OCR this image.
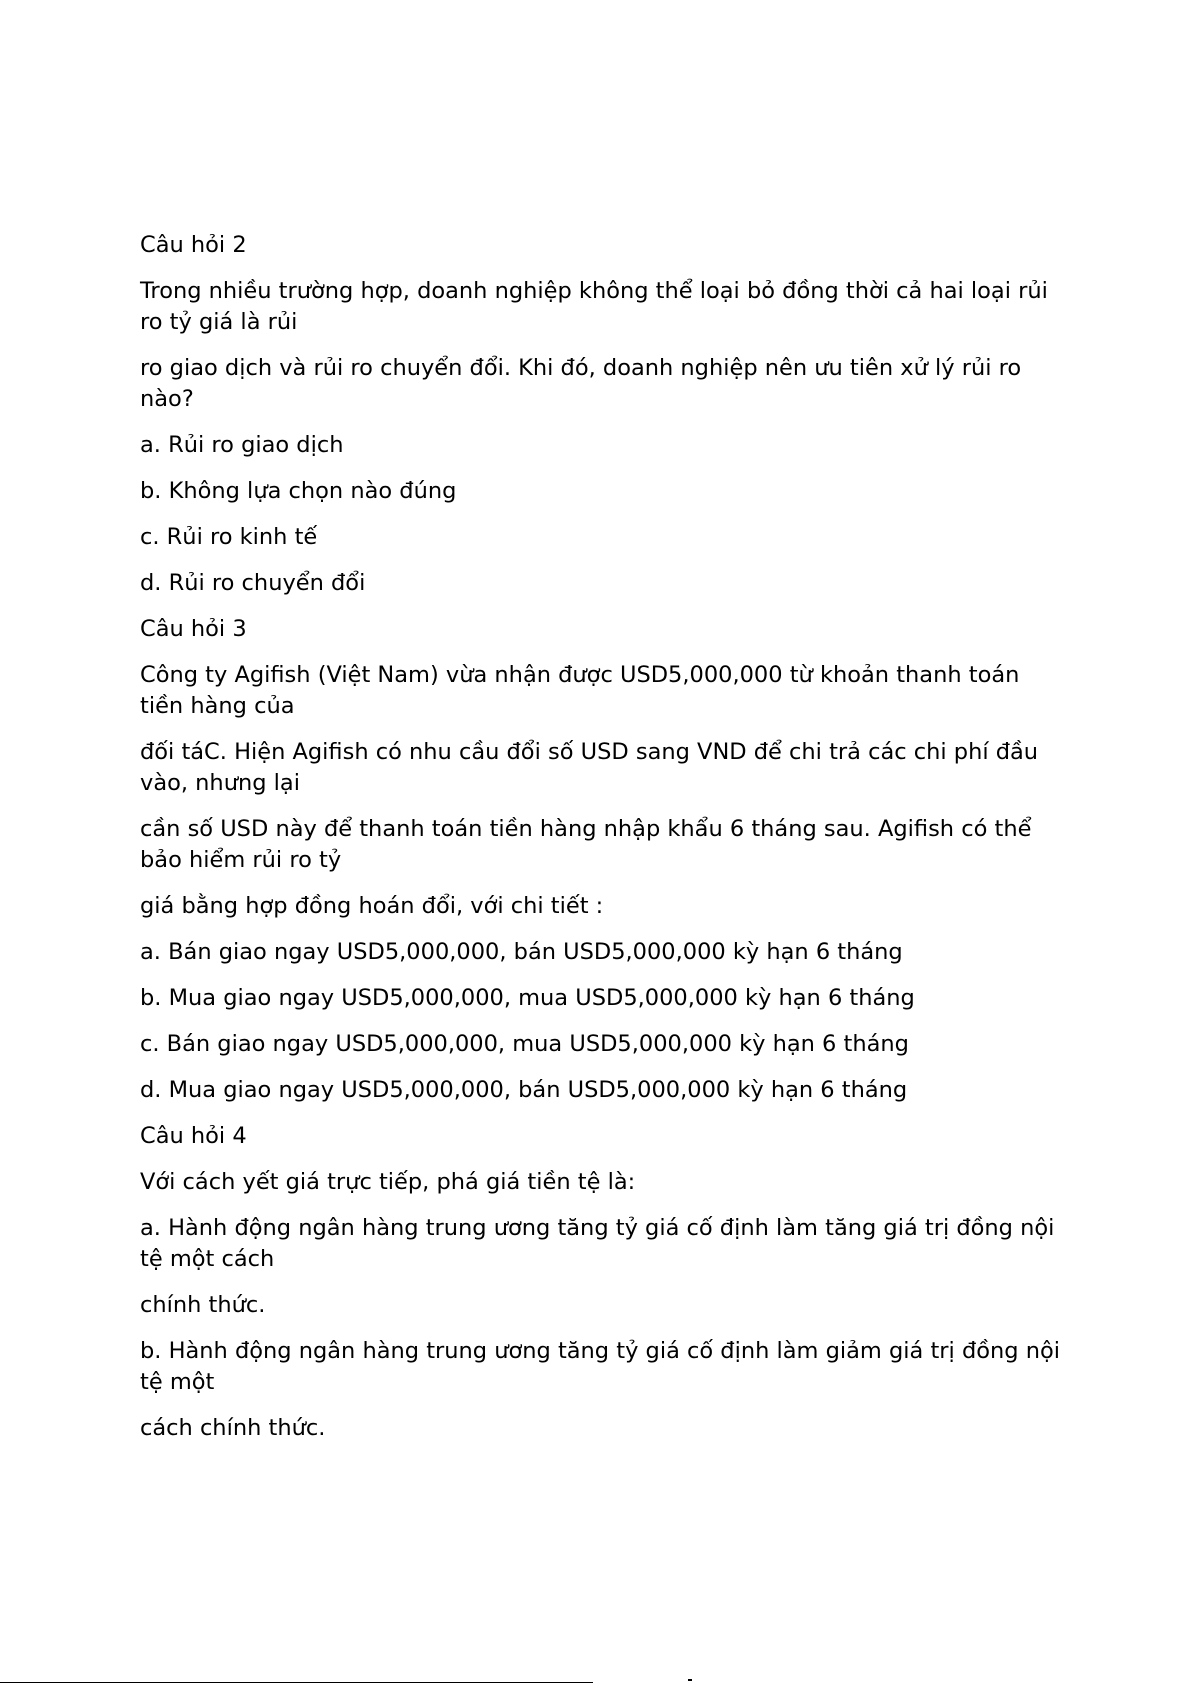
Câu hỏi 2

Trong nhiều trường hợp, doanh nghiệp không thể loại bỏ đồng thời cả hai loại rủi ro tỷ giá là rủi

ro giao dịch và rủi ro chuyển đổi. Khi đó, doanh nghiệp nên ưu tiên xử lý rủi ro nào?

a. Rủi ro giao dịch

b. Không lựa chọn nào đúng

c. Rủi ro kinh tế

d. Rủi ro chuyển đổi

Câu hỏi 3

Công ty Agifish (Việt Nam) vừa nhận được USD5,000,000 từ khoản thanh toán tiền hàng của

đối táC. Hiện Agifish có nhu cầu đổi số USD sang VND để chi trả các chi phí đầu vào, nhưng lại

cần số USD này để thanh toán tiền hàng nhập khẩu 6 tháng sau. Agifish có thể bảo hiểm rủi ro tỷ

giá bằng hợp đồng hoán đổi, với chi tiết :

a. Bán giao ngay USD5,000,000, bán USD5,000,000 kỳ hạn 6 tháng

b. Mua giao ngay USD5,000,000, mua USD5,000,000 kỳ hạn 6 tháng

c. Bán giao ngay USD5,000,000, mua USD5,000,000 kỳ hạn 6 tháng

d. Mua giao ngay USD5,000,000, bán USD5,000,000 kỳ hạn 6 tháng

Câu hỏi 4

Với cách yết giá trực tiếp, phá giá tiền tệ là:

a. Hành động ngân hàng trung ương tăng tỷ giá cố định làm tăng giá trị đồng nội tệ một cách

chính thức.

b. Hành động ngân hàng trung ương tăng tỷ giá cố định làm giảm giá trị đồng nội tệ một

cách chính thức.
